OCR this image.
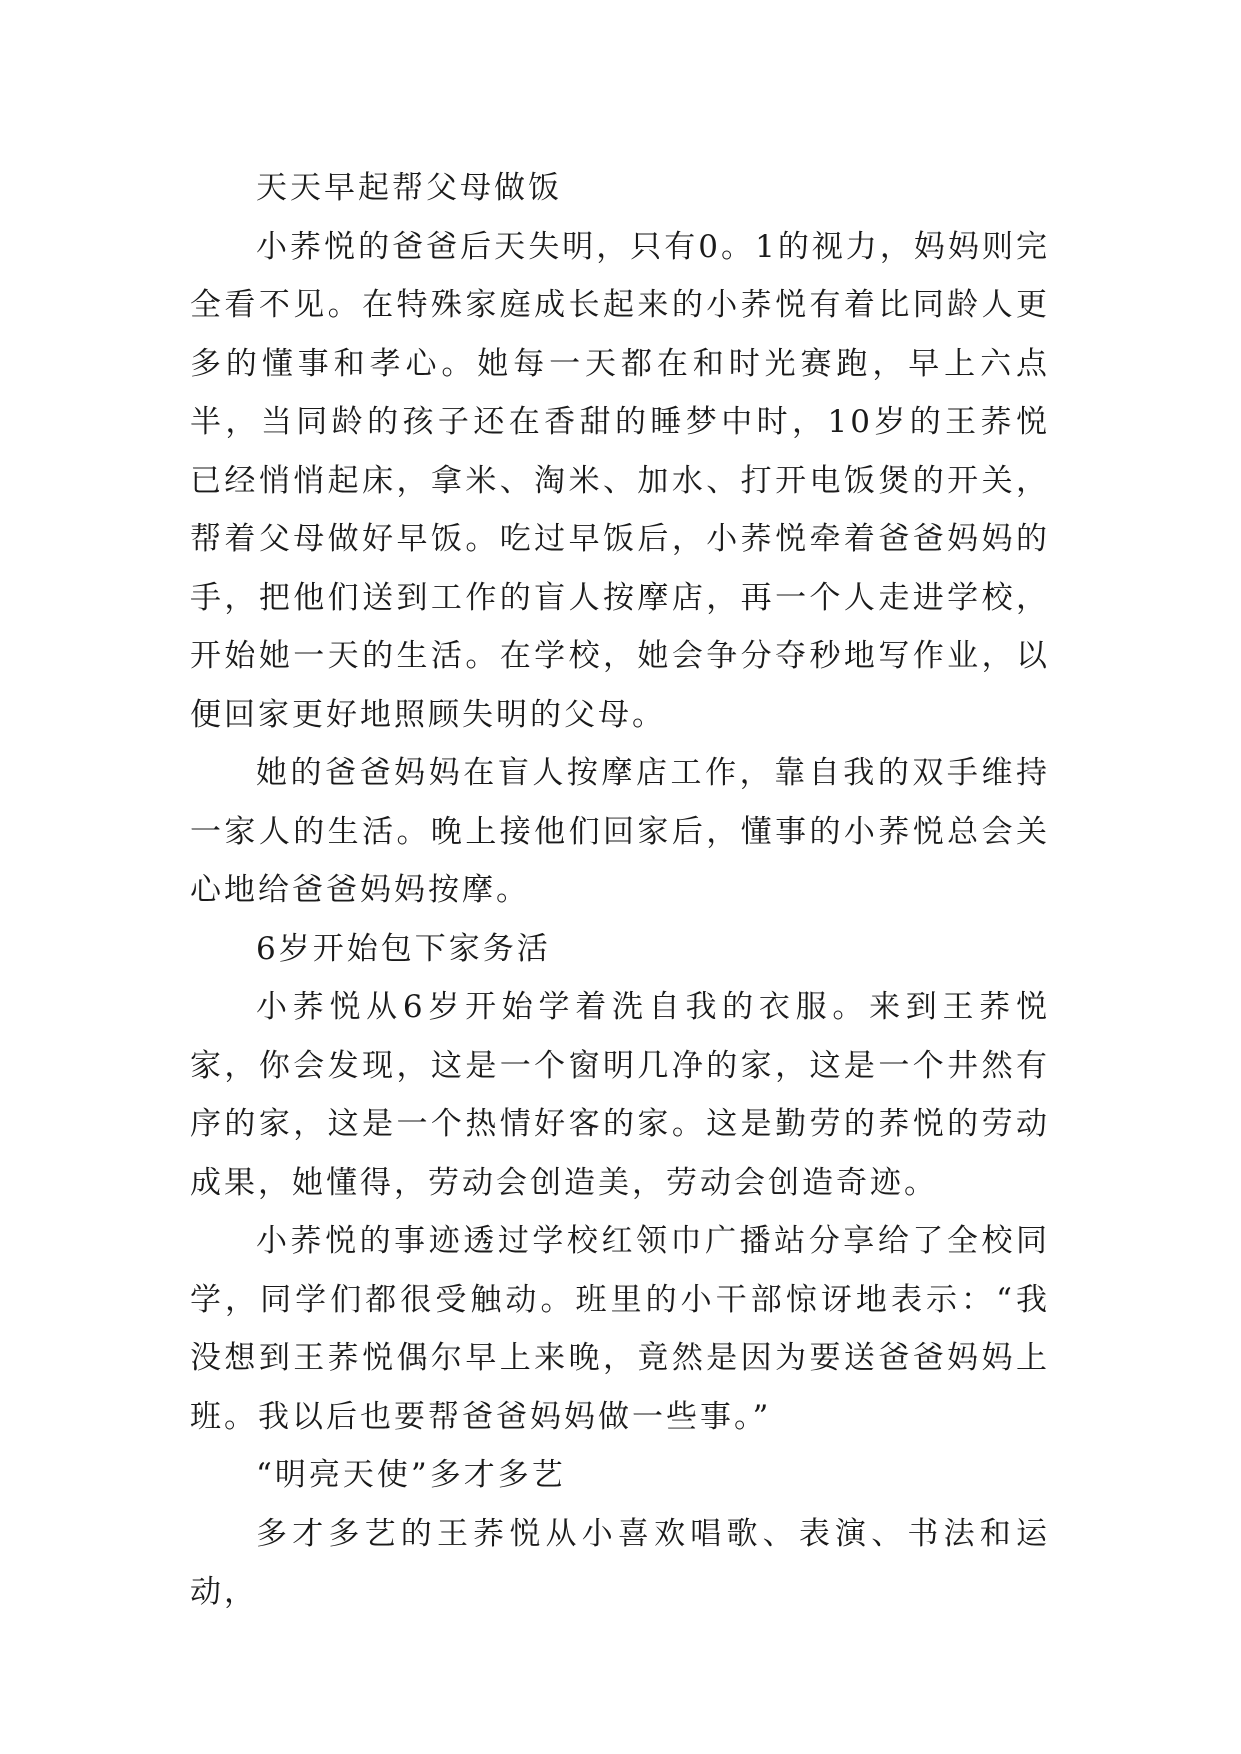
天天早起帮父母做饭

小荞悦的爸爸后天失明，只有0。1的视力，妈妈则完全看不见。在特殊家庭成长起来的小荞悦有着比同龄人更多的懂事和孝心。她每一天都在和时光赛跑，早上六点半，当同龄的孩子还在香甜的睡梦中时，10岁的王荞悦已经悄悄起床，拿米、淘米、加水、打开电饭煲的开关，帮着父母做好早饭。吃过早饭后，小荞悦牵着爸爸妈妈的手，把他们送到工作的盲人按摩店，再一个人走进学校，开始她一天的生活。在学校，她会争分夺秒地写作业，以便回家更好地照顾失明的父母。

她的爸爸妈妈在盲人按摩店工作，靠自我的双手维持一家人的生活。晚上接他们回家后，懂事的小荞悦总会关心地给爸爸妈妈按摩。

6岁开始包下家务活

小荞悦从6岁开始学着洗自我的衣服。来到王荞悦家，你会发现，这是一个窗明几净的家，这是一个井然有序的家，这是一个热情好客的家。这是勤劳的荞悦的劳动成果，她懂得，劳动会创造美，劳动会创造奇迹。

小荞悦的事迹透过学校红领巾广播站分享给了全校同学，同学们都很受触动。班里的小干部惊讶地表示：“我没想到王荞悦偶尔早上来晚，竟然是因为要送爸爸妈妈上班。我以后也要帮爸爸妈妈做一些事。”

“明亮天使”多才多艺

多才多艺的王荞悦从小喜欢唱歌、表演、书法和运动，
